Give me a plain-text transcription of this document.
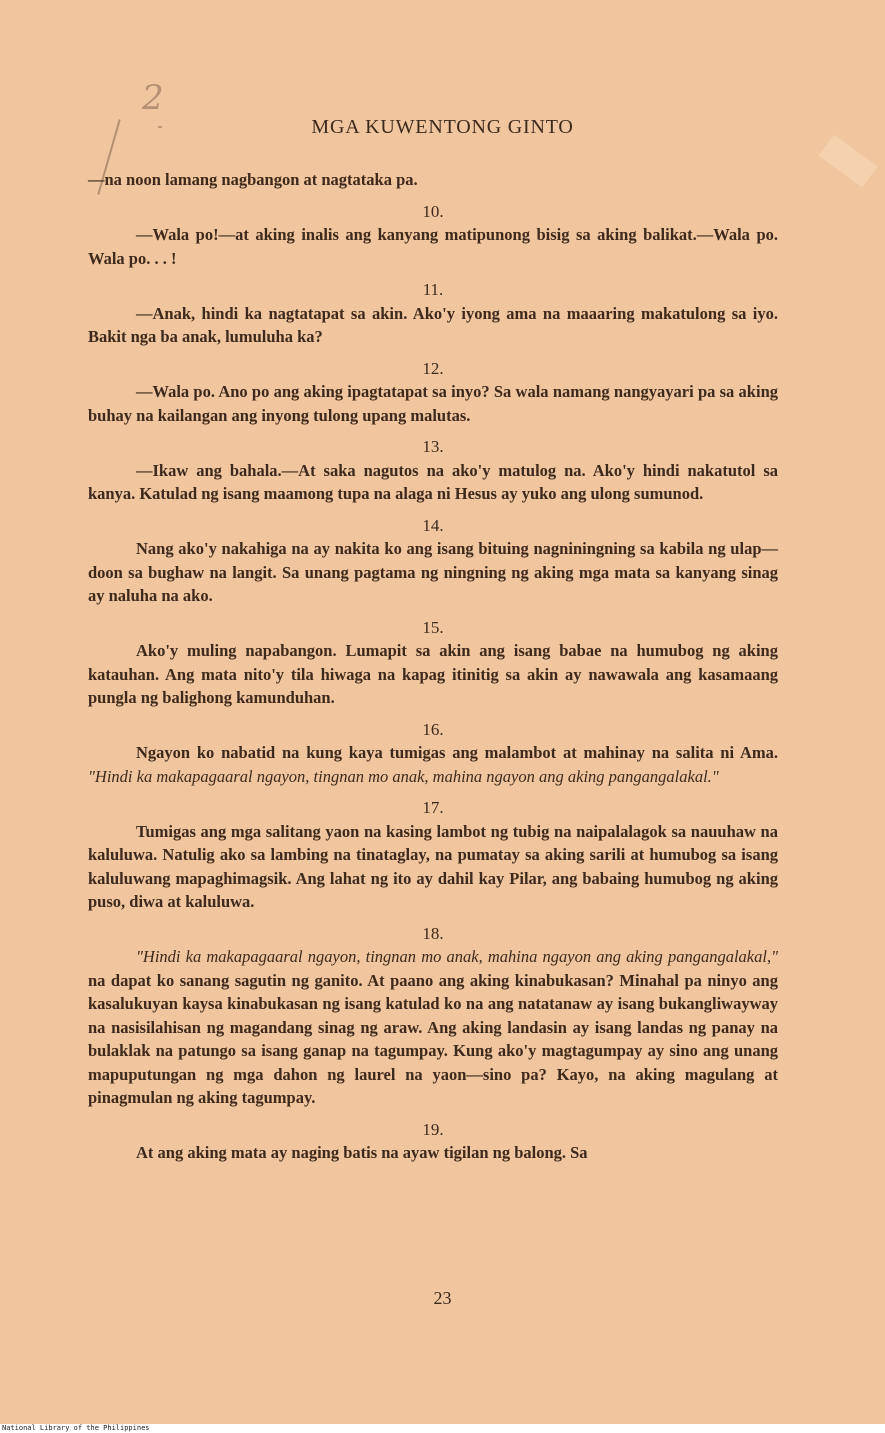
2
MGA KUWENTONG GINTO

—na noon lamang nagbangon at nagtataka pa.

10.

—Wala po!—at aking inalis ang kanyang matipunong bisig sa aking balikat.—Wala po. Wala po. . . !

11.

—Anak, hindi ka nagtatapat sa akin. Ako'y iyong ama na maaaring makatulong sa iyo. Bakit nga ba anak, lumuluha ka?

12.

—Wala po. Ano po ang aking ipagtatapat sa inyo? Sa wala namang nangyayari pa sa aking buhay na kailangan ang inyong tulong upang malutas.

13.

—Ikaw ang bahala.—At saka nagutos na ako'y matulog na. Ako'y hindi nakatutol sa kanya. Katulad ng isang maamong tupa na alaga ni Hesus ay yuko ang ulong sumunod.

14.

Nang ako'y nakahiga na ay nakita ko ang isang bituing nagniningning sa kabila ng ulap—doon sa bughaw na langit. Sa unang pagtama ng ningning ng aking mga mata sa kanyang sinag ay naluha na ako.

15.

Ako'y muling napabangon. Lumapit sa akin ang isang babae na humubog ng aking katauhan. Ang mata nito'y tila hiwaga na kapag itinitig sa akin ay nawawala ang kasamaang pungla ng balighong kamunduhan.

16.

Ngayon ko nabatid na kung kaya tumigas ang malambot at mahinay na salita ni Ama. "Hindi ka makapagaaral ngayon, tingnan mo anak, mahina ngayon ang aking pangangalakal."

17.

Tumigas ang mga salitang yaon na kasing lambot ng tubig na naipalalagok sa nauuhaw na kaluluwa. Natulig ako sa lambing na tinataglay, na pumatay sa aking sarili at humubog sa isang kaluluwang mapaghimagsik. Ang lahat ng ito ay dahil kay Pilar, ang babaing humubog ng aking puso, diwa at kaluluwa.

18.

"Hindi ka makapagaaral ngayon, tingnan mo anak, mahina ngayon ang aking pangangalakal," na dapat ko sanang sagutin ng ganito. At paano ang aking kinabukasan? Minahal pa ninyo ang kasalukuyan kaysa kinabukasan ng isang katulad ko na ang natatanaw ay isang bukangliwayway na nasisilahisan ng magandang sinag ng araw. Ang aking landasin ay isang landas ng panay na bulaklak na patungo sa isang ganap na tagumpay. Kung ako'y magtagumpay ay sino ang unang mapuputungan ng mga dahon ng laurel na yaon—sino pa? Kayo, na aking magulang at pinagmulan ng aking tagumpay.

19.

At ang aking mata ay naging batis na ayaw tigilan ng balong. Sa

23
National Library of the Philippines
